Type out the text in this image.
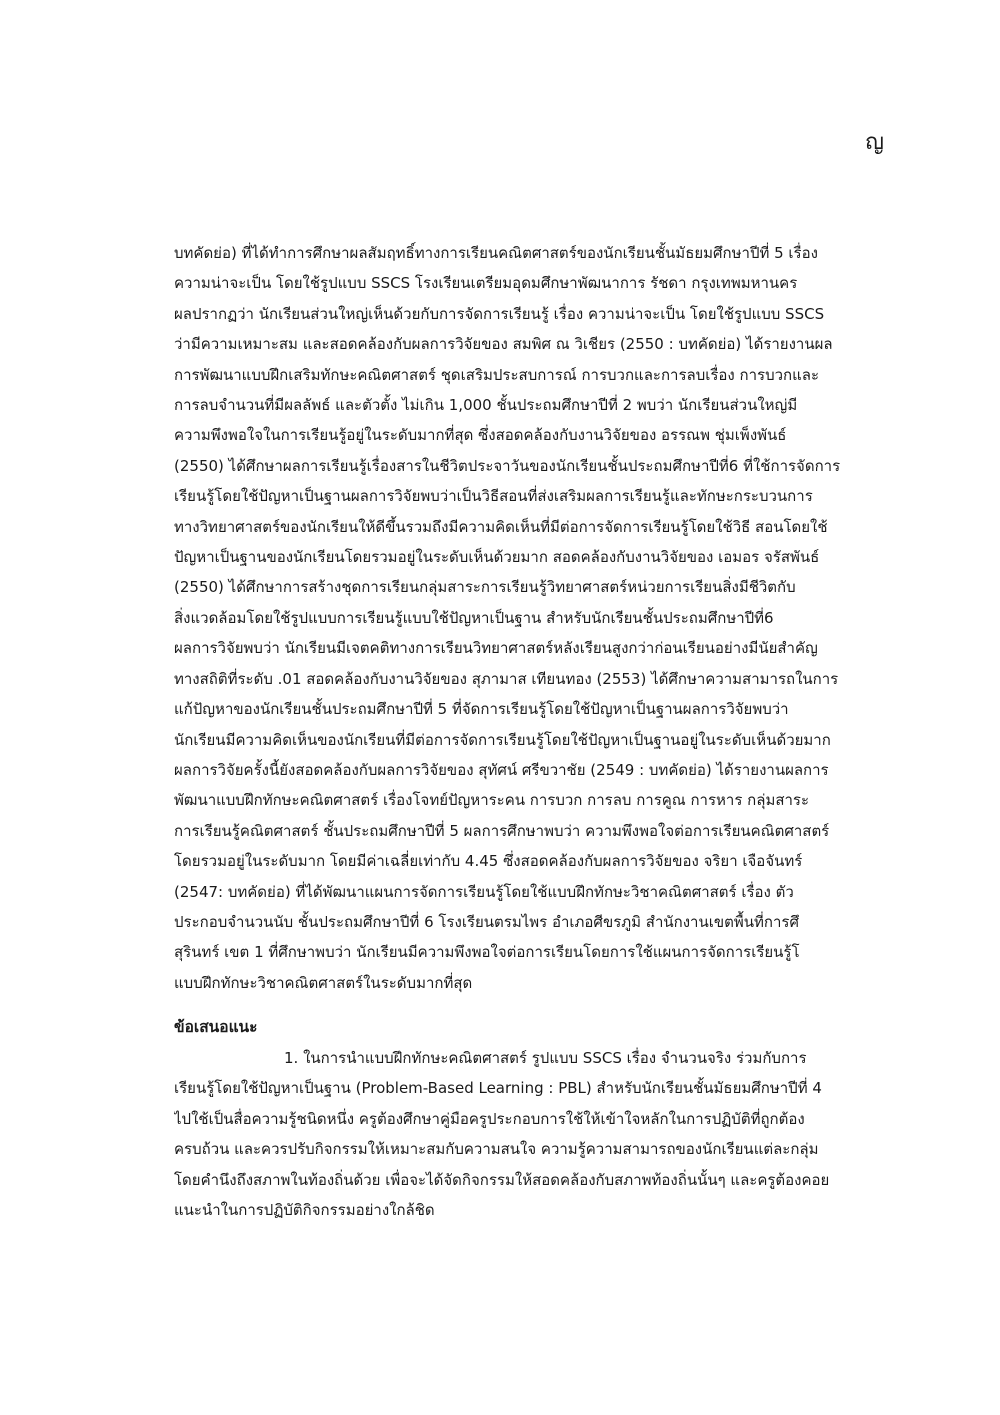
ญ
บทคัดย่อ) ที่ได้ทำการศึกษาผลสัมฤทธิ์ทางการเรียนคณิตศาสตร์ของนักเรียนชั้นมัธยมศึกษาปีที่ 5 เรื่อง
ความน่าจะเป็น โดยใช้รูปแบบ SSCS โรงเรียนเตรียมอุดมศึกษาพัฒนาการ รัชดา กรุงเทพมหานคร
ผลปรากฏว่า นักเรียนส่วนใหญ่เห็นด้วยกับการจัดการเรียนรู้ เรื่อง ความน่าจะเป็น โดยใช้รูปแบบ SSCS
ว่ามีความเหมาะสม และสอดคล้องกับผลการวิจัยของ สมพิศ ณ วิเชียร (2550 : บทคัดย่อ) ได้รายงานผล
การพัฒนาแบบฝึกเสริมทักษะคณิตศาสตร์ ชุดเสริมประสบการณ์ การบวกและการลบเรื่อง การบวกและ
การลบจำนวนที่มีผลลัพธ์ และตัวตั้ง ไม่เกิน 1,000 ชั้นประถมศึกษาปีที่ 2 พบว่า นักเรียนส่วนใหญ่มี
ความพึงพอใจในการเรียนรู้อยู่ในระดับมากที่สุด ซึ่งสอดคล้องกับงานวิจัยของ อรรณพ ชุ่มเพ็งพันธ์
(2550) ได้ศึกษาผลการเรียนรู้เรื่องสารในชีวิตประจาวันของนักเรียนชั้นประถมศึกษาปีที่6 ที่ใช้การจัดการ
เรียนรู้โดยใช้ปัญหาเป็นฐานผลการวิจัยพบว่าเป็นวิธีสอนที่ส่งเสริมผลการเรียนรู้และทักษะกระบวนการ
ทางวิทยาศาสตร์ของนักเรียนให้ดีขึ้นรวมถึงมีความคิดเห็นที่มีต่อการจัดการเรียนรู้โดยใช้วิธี สอนโดยใช้
ปัญหาเป็นฐานของนักเรียนโดยรวมอยู่ในระดับเห็นด้วยมาก สอดคล้องกับงานวิจัยของ เอมอร จรัสพันธ์
(2550) ได้ศึกษาการสร้างชุดการเรียนกลุ่มสาระการเรียนรู้วิทยาศาสตร์หน่วยการเรียนสิ่งมีชีวิตกับ
สิ่งแวดล้อมโดยใช้รูปแบบการเรียนรู้แบบใช้ปัญหาเป็นฐาน สำหรับนักเรียนชั้นประถมศึกษาปีที่6
ผลการวิจัยพบว่า นักเรียนมีเจตคติทางการเรียนวิทยาศาสตร์หลังเรียนสูงกว่าก่อนเรียนอย่างมีนัยสำคัญ
ทางสถิติที่ระดับ .01 สอดคล้องกับงานวิจัยของ สุภามาส เทียนทอง (2553) ได้ศึกษาความสามารถในการ
แก้ปัญหาของนักเรียนชั้นประถมศึกษาปีที่ 5 ที่จัดการเรียนรู้โดยใช้ปัญหาเป็นฐานผลการวิจัยพบว่า
นักเรียนมีความคิดเห็นของนักเรียนที่มีต่อการจัดการเรียนรู้โดยใช้ปัญหาเป็นฐานอยู่ในระดับเห็นด้วยมาก
ผลการวิจัยครั้งนี้ยังสอดคล้องกับผลการวิจัยของ สุทัศน์ ศรีขวาชัย (2549 : บทคัดย่อ) ได้รายงานผลการ
พัฒนาแบบฝึกทักษะคณิตศาสตร์ เรื่องโจทย์ปัญหาระคน การบวก การลบ การคูณ การหาร กลุ่มสาระ
การเรียนรู้คณิตศาสตร์ ชั้นประถมศึกษาปีที่ 5 ผลการศึกษาพบว่า ความพึงพอใจต่อการเรียนคณิตศาสตร์
โดยรวมอยู่ในระดับมาก โดยมีค่าเฉลี่ยเท่ากับ 4.45 ซึ่งสอดคล้องกับผลการวิจัยของ จริยา เจือจันทร์
(2547: บทคัดย่อ) ที่ได้พัฒนาแผนการจัดการเรียนรู้โดยใช้แบบฝึกทักษะวิชาคณิตศาสตร์ เรื่อง ตัว
ประกอบจำนวนนับ ชั้นประถมศึกษาปีที่ 6 โรงเรียนตรมไพร อำเภอศีขรภูมิ สำนักงานเขตพื้นที่การศึ
สุรินทร์ เขต 1 ที่ศึกษาพบว่า นักเรียนมีความพึงพอใจต่อการเรียนโดยการใช้แผนการจัดการเรียนรู้โ
แบบฝึกทักษะวิชาคณิตศาสตร์ในระดับมากที่สุด
ข้อเสนอแนะ
1. ในการนำแบบฝึกทักษะคณิตศาสตร์ รูปแบบ SSCS เรื่อง จำนวนจริง ร่วมกับการ
เรียนรู้โดยใช้ปัญหาเป็นฐาน (Problem-Based Learning : PBL) สำหรับนักเรียนชั้นมัธยมศึกษาปีที่ 4
ไปใช้เป็นสื่อความรู้ชนิดหนึ่ง ครูต้องศึกษาคู่มือครูประกอบการใช้ให้เข้าใจหลักในการปฏิบัติที่ถูกต้อง
ครบถ้วน และควรปรับกิจกรรมให้เหมาะสมกับความสนใจ ความรู้ความสามารถของนักเรียนแต่ละกลุ่ม
โดยคำนึงถึงสภาพในท้องถิ่นด้วย เพื่อจะได้จัดกิจกรรมให้สอดคล้องกับสภาพท้องถิ่นนั้นๆ และครูต้องคอย
แนะนำในการปฏิบัติกิจกรรมอย่างใกล้ชิด
